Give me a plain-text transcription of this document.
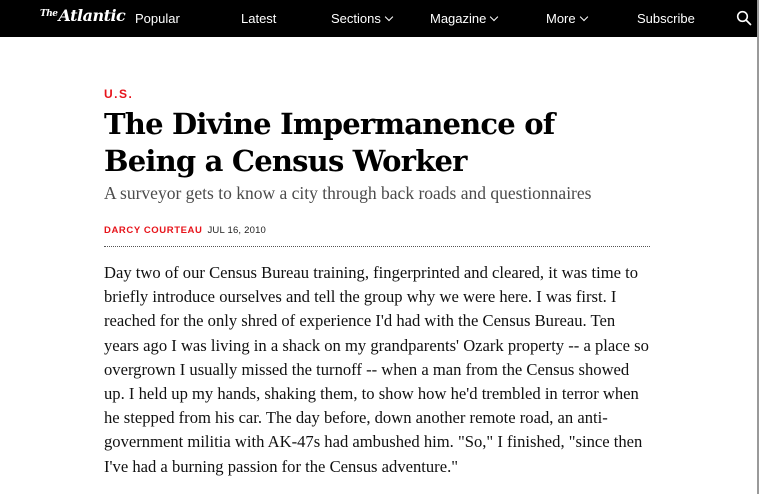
$^{The}$Atlantic Popular	Latest	Sections	Magazine	More	Subscribe
U.S.
The Divine Impermanence of
Being a Census Worker

A surveyor gets to know a city through back roads and questionnaires

DARCY COURTEAU JUL 16, 2010

Day two of our Census Bureau training, fingerprinted and cleared, it was time to briefly introduce ourselves and tell the group why we were here. I was first. I reached for the only shred of experience I'd had with the Census Bureau. Ten years ago I was living in a shack on my grandparents' Ozark property -- a place so overgrown I usually missed the turnoff -- when a man from the Census showed up. I held up my hands, shaking them, to show how he'd trembled in terror when he stepped from his car. The day before, down another remote road, an anti-government militia with AK-47s had ambushed him. "So," I finished, "since then I've had a burning passion for the Census adventure."
